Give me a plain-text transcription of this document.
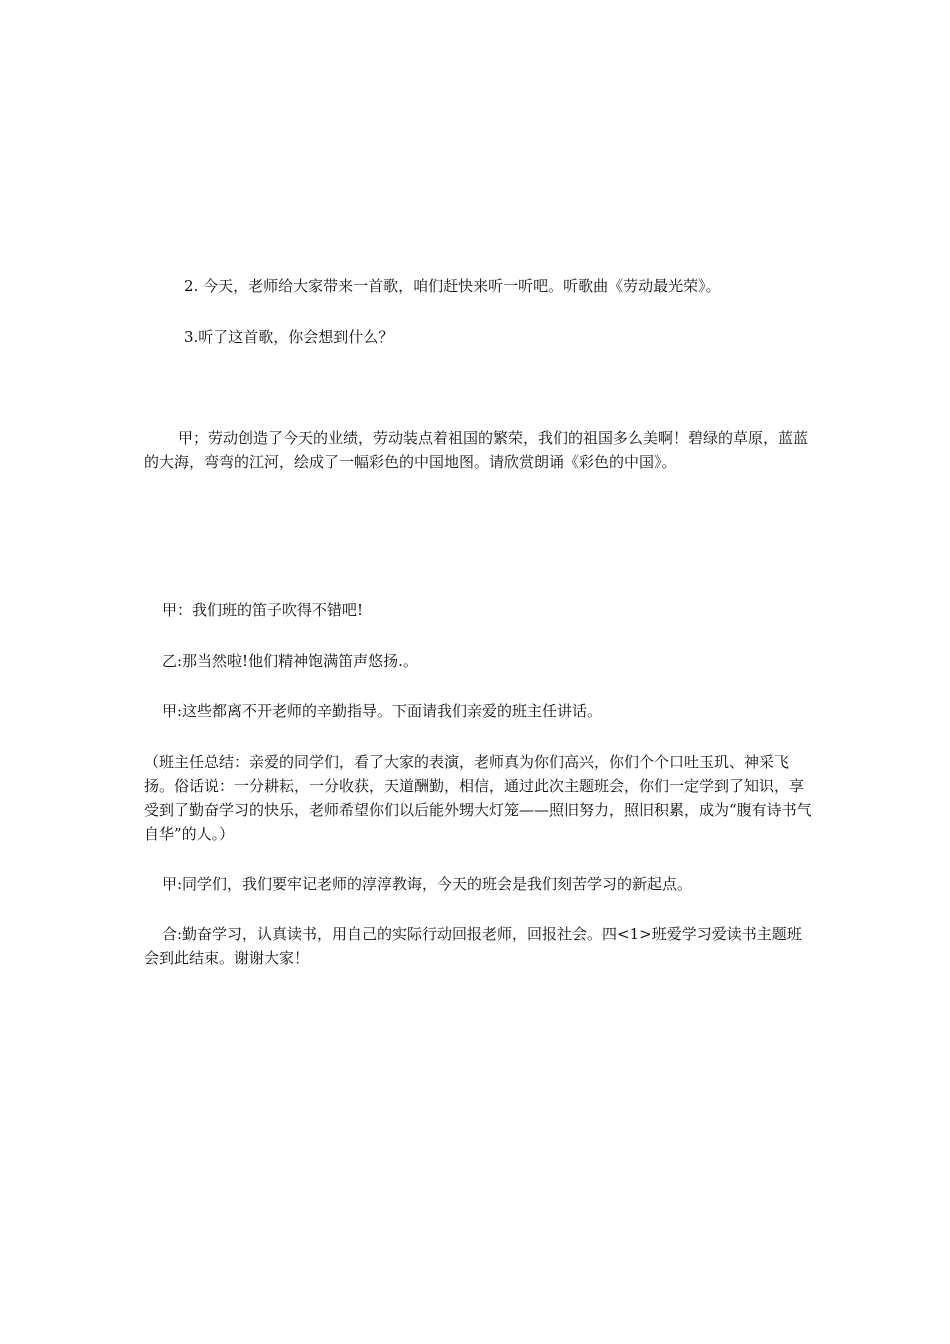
2. 今天，老师给大家带来一首歌，咱们赶快来听一听吧。听歌曲《劳动最光荣》。

3.听了这首歌，你会想到什么？

甲；劳动创造了今天的业绩，劳动装点着祖国的繁荣，我们的祖国多么美啊！碧绿的草原，蓝蓝的大海，弯弯的江河，绘成了一幅彩色的中国地图。请欣赏朗诵《彩色的中国》。

甲：我们班的笛子吹得不错吧!

乙:那当然啦!他们精神饱满笛声悠扬.。

甲:这些都离不开老师的辛勤指导。下面请我们亲爱的班主任讲话。

（班主任总结：亲爱的同学们，看了大家的表演，老师真为你们高兴，你们个个口吐玉玑、神采飞扬。俗话说：一分耕耘，一分收获，天道酬勤，相信，通过此次主题班会，你们一定学到了知识，享受到了勤奋学习的快乐，老师希望你们以后能外甥大灯笼——照旧努力，照旧积累，成为“腹有诗书气自华”的人。）

甲:同学们，我们要牢记老师的淳淳教诲，今天的班会是我们刻苦学习的新起点。

合:勤奋学习，认真读书，用自己的实际行动回报老师，回报社会。四<1>班爱学习爱读书主题班会到此结束。谢谢大家！
